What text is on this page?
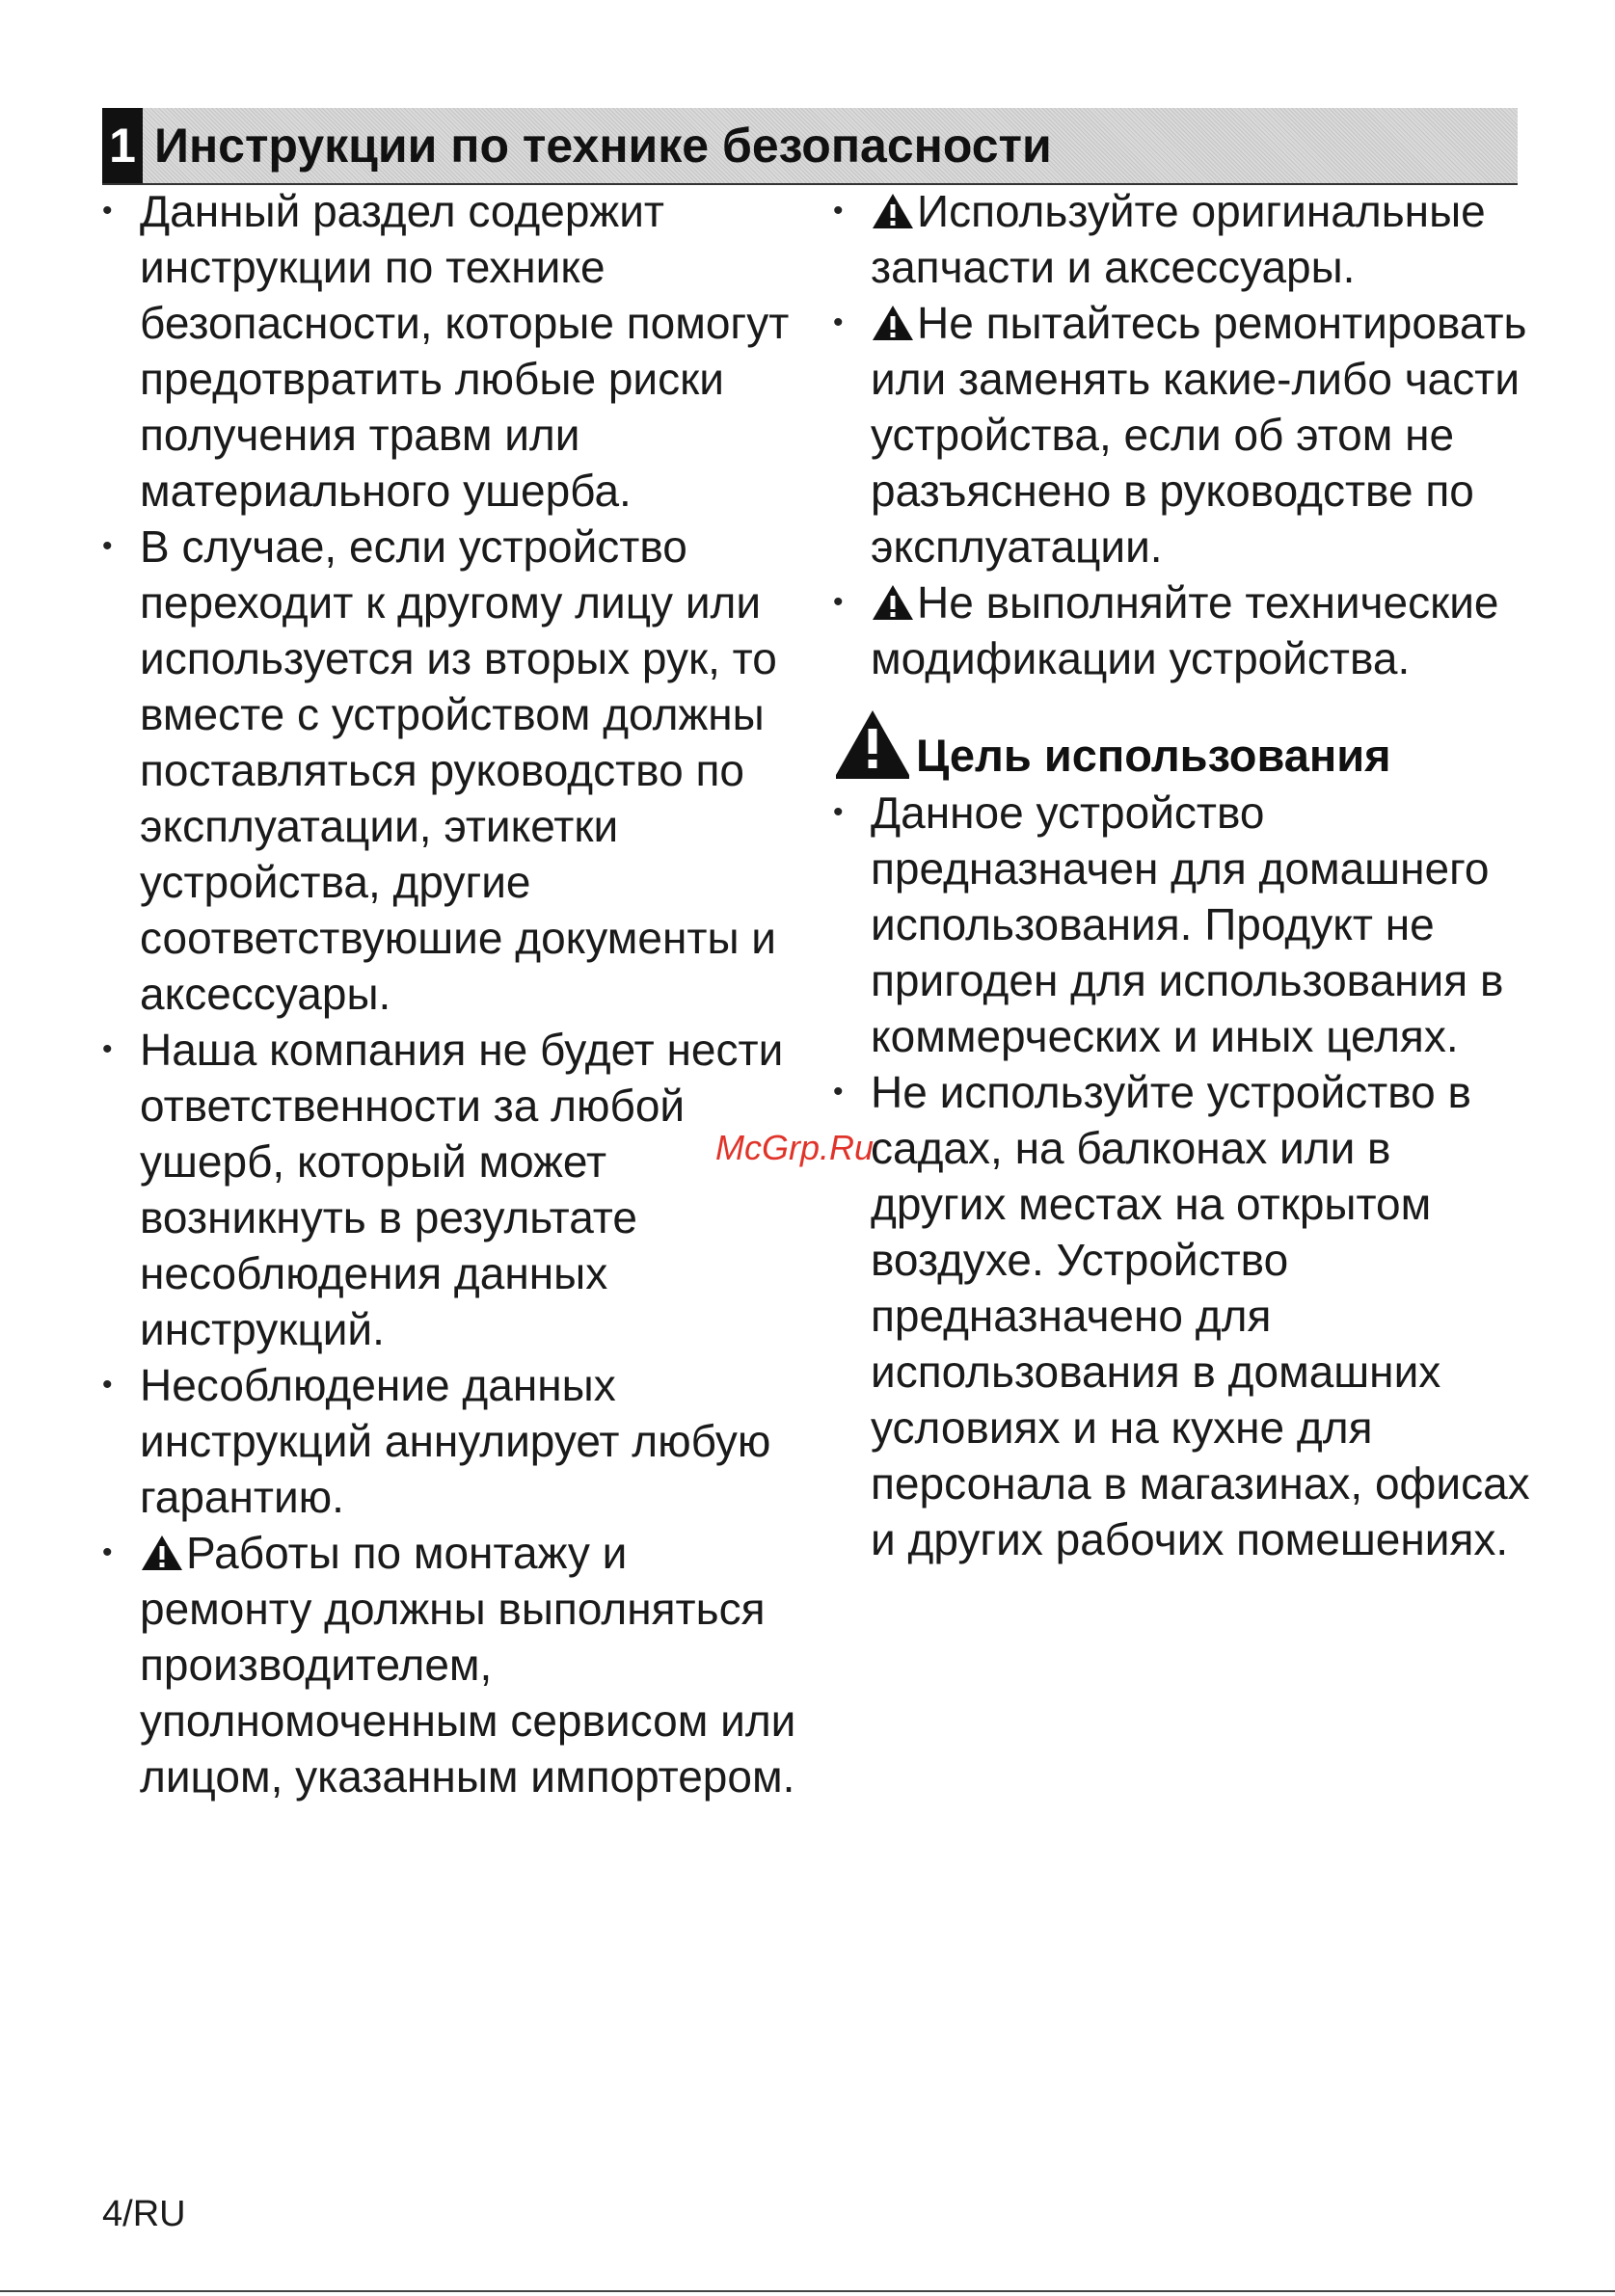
1 Инструкции по технике безопасности
• Данный раздел содержит инструкции по технике безопасности, которые помогут предотвратить любые риски получения травм или материального ушерба.
• В случае, если устройство переходит к другому лицу или используется из вторых рук, то вместе с устройством должны поставляться руководство по эксплуатации, этикетки устройства, другие соответствуюшие документы и аксессуары.
• Наша компания не будет нести ответственности за любой ушерб, который может возникнуть в результате несоблюдения данных инструкций.
• Несоблюдение данных инструкций аннулирует любую гарантию.
• Работы по монтажу и ремонту должны выполняться производителем, уполномоченным сервисом или лицом, указанным импортером.
• Используйте оригинальные запчасти и аксессуары.
• Не пытайтесь ремонтировать или заменять какие-либо части устройства, если об этом не разъяснено в руководстве по эксплуатации.
• Не выполняйте технические модификации устройства.
Цель использования
• Данное устройство предназначен для домашнего использования. Продукт не пригоден для использования в коммерческих и иных целях.
• Не используйте устройство в садах, на балконах или в других местах на открытом воздухе. Устройство предназначено для использования в домашних условиях и на кухне для персонала в магазинах, офисах и других рабочих помешениях.
McGrp.Ru
4/RU
